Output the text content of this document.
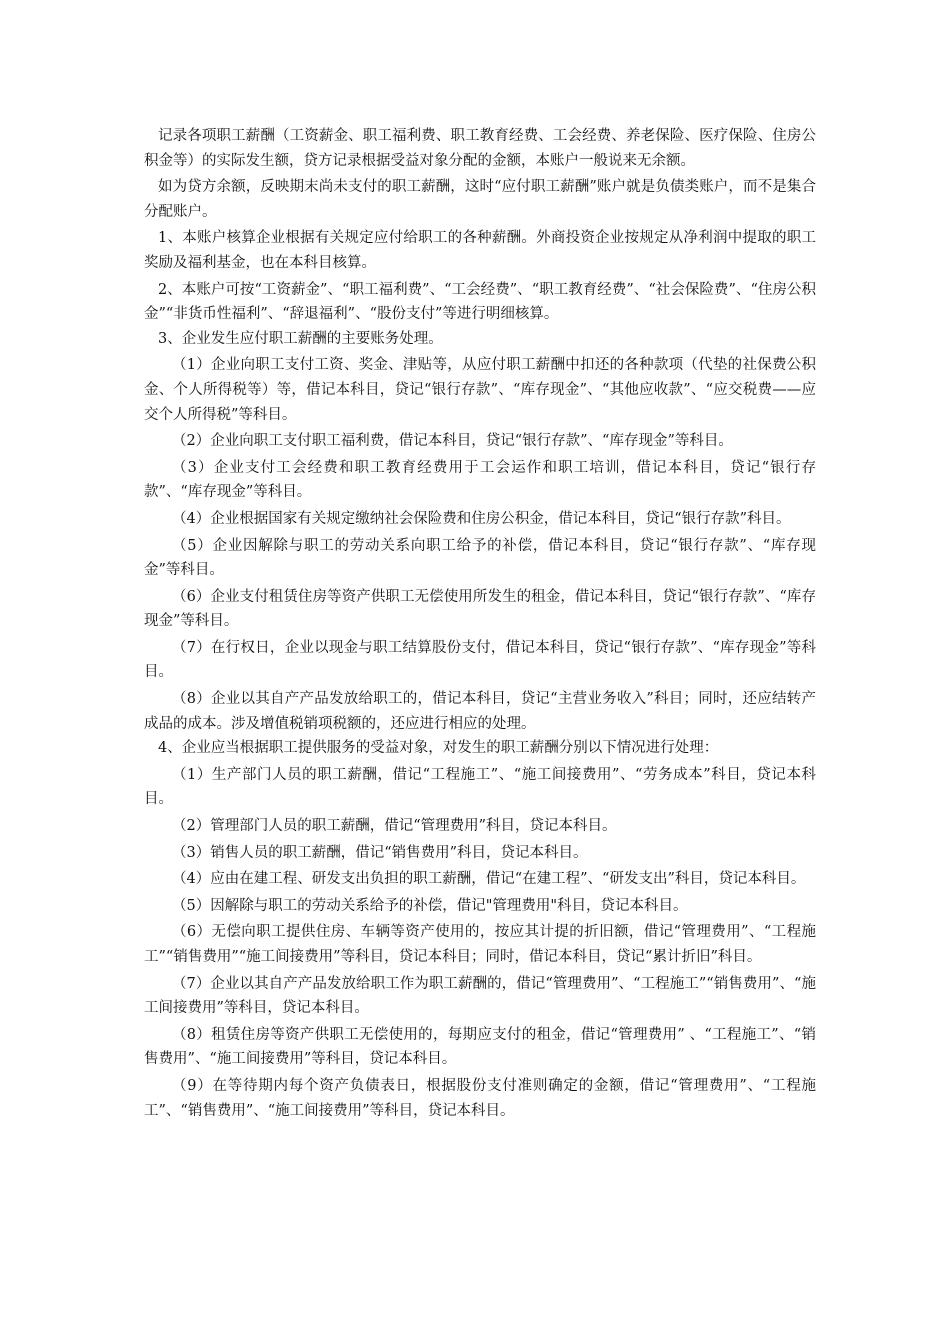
记录各项职工薪酬（工资薪金、职工福利费、职工教育经费、工会经费、养老保险、医疗保险、住房公积金等）的实际发生额，贷方记录根据受益对象分配的金额，本账户一般说来无余额。

如为贷方余额，反映期末尚未支付的职工薪酬，这时“应付职工薪酬”账户就是负债类账户，而不是集合分配账户。

1、本账户核算企业根据有关规定应付给职工的各种薪酬。外商投资企业按规定从净利润中提取的职工奖励及福利基金，也在本科目核算。

2、本账户可按“工资薪金”、“职工福利费”、“工会经费”、“职工教育经费”、“社会保险费”、“住房公积金”“非货币性福利”、“辞退福利”、“股份支付”等进行明细核算。

3、企业发生应付职工薪酬的主要账务处理。

（1）企业向职工支付工资、奖金、津贴等，从应付职工薪酬中扣还的各种款项（代垫的社保费公积金、个人所得税等）等，借记本科目，贷记“银行存款”、“库存现金”、“其他应收款”、“应交税费——应交个人所得税”等科目。

（2）企业向职工支付职工福利费，借记本科目，贷记“银行存款”、“库存现金”等科目。

（3）企业支付工会经费和职工教育经费用于工会运作和职工培训，借记本科目，贷记“银行存款”、“库存现金”等科目。

（4）企业根据国家有关规定缴纳社会保险费和住房公积金，借记本科目，贷记“银行存款”科目。

（5）企业因解除与职工的劳动关系向职工给予的补偿，借记本科目，贷记“银行存款”、“库存现金”等科目。

（6）企业支付租赁住房等资产供职工无偿使用所发生的租金，借记本科目，贷记“银行存款”、“库存现金”等科目。

（7）在行权日，企业以现金与职工结算股份支付，借记本科目，贷记“银行存款”、“库存现金”等科目。

（8）企业以其自产产品发放给职工的，借记本科目，贷记“主营业务收入”科目；同时，还应结转产成品的成本。涉及增值税销项税额的，还应进行相应的处理。

4、企业应当根据职工提供服务的受益对象，对发生的职工薪酬分别以下情况进行处理：

（1）生产部门人员的职工薪酬，借记“工程施工”、“施工间接费用”、“劳务成本”科目，贷记本科目。

（2）管理部门人员的职工薪酬，借记“管理费用”科目，贷记本科目。

（3）销售人员的职工薪酬，借记“销售费用”科目，贷记本科目。

（4）应由在建工程、研发支出负担的职工薪酬，借记“在建工程”、“研发支出”科目，贷记本科目。

（5）因解除与职工的劳动关系给予的补偿，借记"管理费用"科目，贷记本科目。

（6）无偿向职工提供住房、车辆等资产使用的，按应其计提的折旧额，借记“管理费用”、“工程施工”“销售费用”“施工间接费用”等科目，贷记本科目；同时，借记本科目，贷记“累计折旧”科目。

（7）企业以其自产产品发放给职工作为职工薪酬的，借记“管理费用”、“工程施工”“销售费用”、“施工间接费用”等科目，贷记本科目。

（8）租赁住房等资产供职工无偿使用的，每期应支付的租金，借记“管理费用” 、“工程施工”、“销售费用”、“施工间接费用”等科目，贷记本科目。

（9）在等待期内每个资产负债表日，根据股份支付准则确定的金额，借记“管理费用”、“工程施工”、“销售费用”、“施工间接费用”等科目，贷记本科目。
